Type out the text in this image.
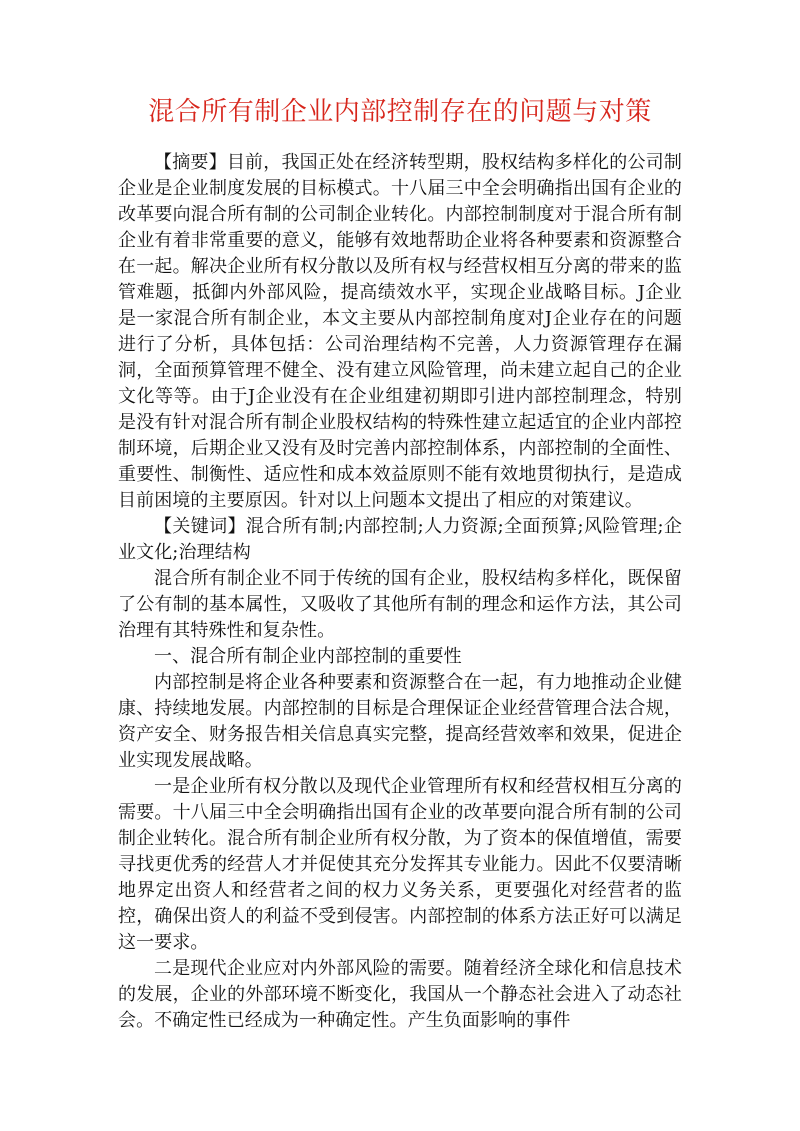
混合所有制企业内部控制存在的问题与对策

【摘要】目前，我国正处在经济转型期，股权结构多样化的公司制企业是企业制度发展的目标模式。十八届三中全会明确指出国有企业的改革要向混合所有制的公司制企业转化。内部控制制度对于混合所有制企业有着非常重要的意义，能够有效地帮助企业将各种要素和资源整合在一起。解决企业所有权分散以及所有权与经营权相互分离的带来的监管难题，抵御内外部风险，提高绩效水平，实现企业战略目标。J企业是一家混合所有制企业，本文主要从内部控制角度对J企业存在的问题进行了分析，具体包括：公司治理结构不完善，人力资源管理存在漏洞，全面预算管理不健全、没有建立风险管理，尚未建立起自己的企业文化等等。由于J企业没有在企业组建初期即引进内部控制理念，特别是没有针对混合所有制企业股权结构的特殊性建立起适宜的企业内部控制环境，后期企业又没有及时完善内部控制体系，内部控制的全面性、重要性、制衡性、适应性和成本效益原则不能有效地贯彻执行，是造成目前困境的主要原因。针对以上问题本文提出了相应的对策建议。

【关键词】混合所有制;内部控制;人力资源;全面预算;风险管理;企业文化;治理结构

混合所有制企业不同于传统的国有企业，股权结构多样化，既保留了公有制的基本属性，又吸收了其他所有制的理念和运作方法，其公司治理有其特殊性和复杂性。

一、混合所有制企业内部控制的重要性

内部控制是将企业各种要素和资源整合在一起，有力地推动企业健康、持续地发展。内部控制的目标是合理保证企业经营管理合法合规，资产安全、财务报告相关信息真实完整，提高经营效率和效果，促进企业实现发展战略。

一是企业所有权分散以及现代企业管理所有权和经营权相互分离的需要。十八届三中全会明确指出国有企业的改革要向混合所有制的公司制企业转化。混合所有制企业所有权分散，为了资本的保值增值，需要寻找更优秀的经营人才并促使其充分发挥其专业能力。因此不仅要清晰地界定出资人和经营者之间的权力义务关系，更要强化对经营者的监控，确保出资人的利益不受到侵害。内部控制的体系方法正好可以满足这一要求。

二是现代企业应对内外部风险的需要。随着经济全球化和信息技术的发展，企业的外部环境不断变化，我国从一个静态社会进入了动态社会。不确定性已经成为一种确定性。产生负面影响的事件
